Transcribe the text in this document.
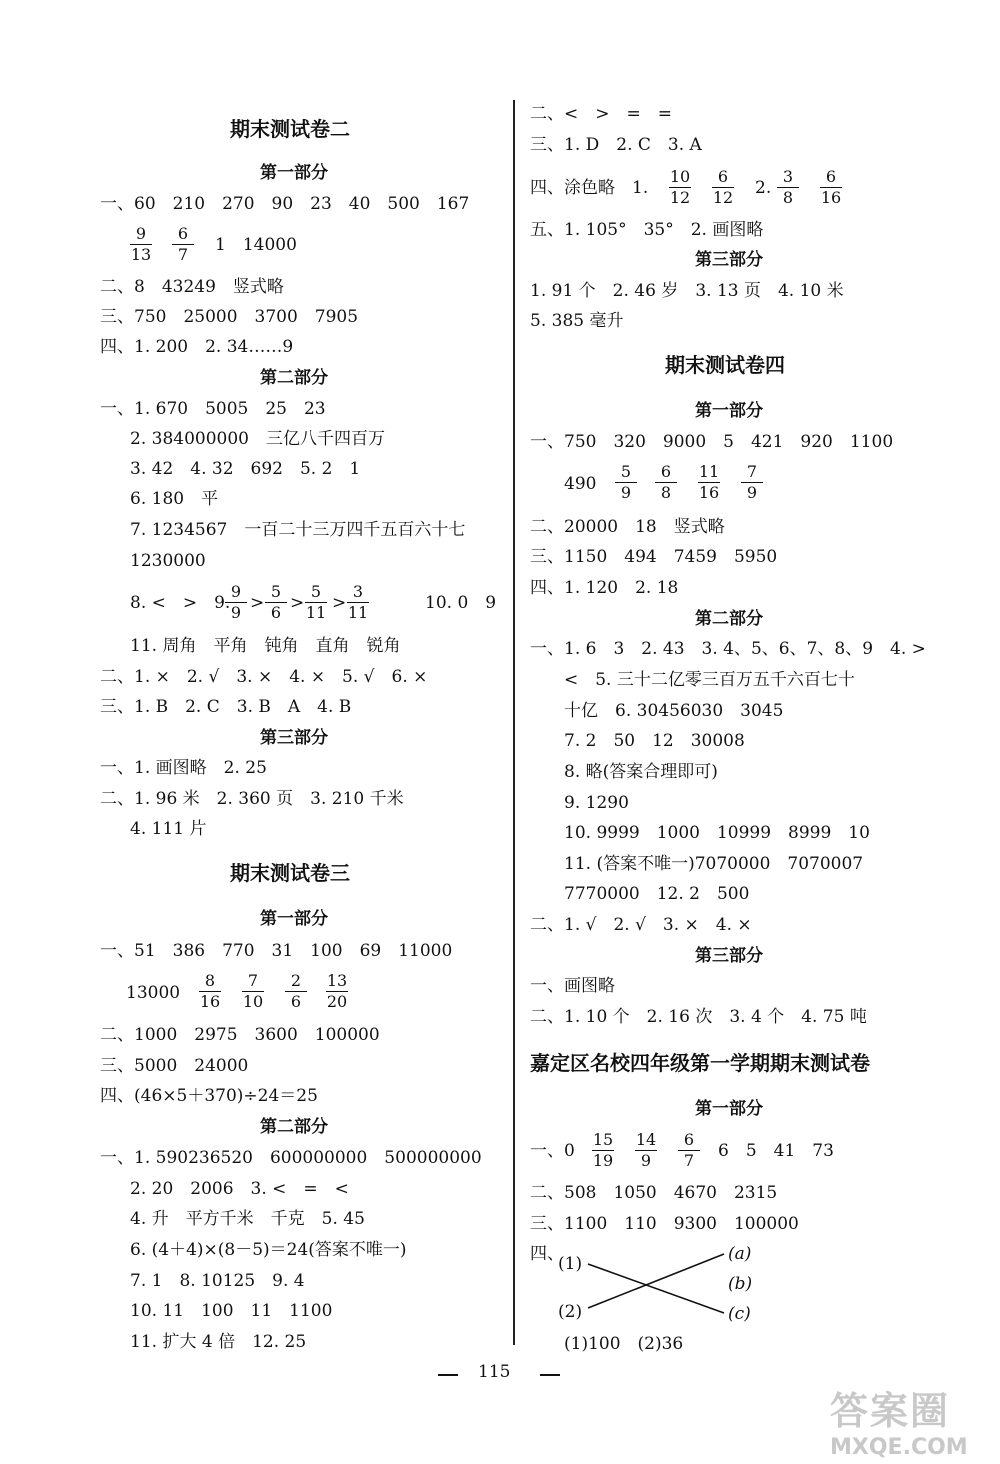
期末测试卷二
第一部分
一、60　210　270　90　23　40　500　167
9
13
6
7	1　14000
二、8　43249　竖式略
三、750　25000　3700　7905
四、1. 200　2. 34……9
第二部分
一、1. 670　5005　25　23
2. 384000000　三亿八千四百万
3. 42　4. 32　692　5. 2　1
6. 180　平
7. 1234567　一百二十三万四千五百六十七
1230000
8. <　>　9.
9
9 >
5
6 >
5
11 >
3
11	10. 0　9
11. 周角　平角　钝角　直角　锐角
二、1. ×　2. √　3. ×　4. ×　5. √　6. ×
三、1. B　2. C　3. B　A　4. B
第三部分
一、1. 画图略　2. 25
二、1. 96 米　2. 360 页　3. 210 千米
4. 111 片
期末测试卷三
第一部分
一、51　386　770　31　100　69　11000
13000
8
16
7
10
2
6
13
20
二、1000　2975　3600　100000
三、5000　24000
四、(46×5＋370)÷24＝25
第二部分
一、1. 590236520　600000000　500000000
2. 20　2006　3. <　=　<
4. 升　平方千米　千克　5. 45
6. (4＋4)×(8－5)＝24(答案不唯一)
7. 1　8. 10125　9. 4
10. 11　100　11　1100
11. 扩大 4 倍　12. 25
二、<　>　=　=
三、1. D　2. C　3. A
四、涂色略　1.
10
12
6
12 2.
3
8
6
16
五、1. 105°　35°　2. 画图略
第三部分
1. 91 个　2. 46 岁　3. 13 页　4. 10 米
5. 385 毫升
期末测试卷四
第一部分
一、750　320　9000　5　421　920　1100
490
5
9
6
8
11
16
7
9
二、20000　18　竖式略
三、1150　494　7459　5950
四、1. 120　2. 18
第二部分
一、1. 6　3　2. 43　3. 4、5、6、7、8、9　4. >
<　5. 三十二亿零三百万五千六百七十
十亿　6. 30456030　3045
7. 2　50　12　30008
8. 略(答案合理即可)
9. 1290
10. 9999　1000　10999　8999　10
11. (答案不唯一)7070000　7070007
7770000　12. 2　500
二、1. √　2. √　3. ×　4. ×
第三部分
一、画图略
二、1. 10 个　2. 16 次　3. 4 个　4. 75 吨
嘉定区名校四年级第一学期期末测试卷
第一部分
一、0
15
19
14
9
6
7	6　5　41　73
二、508　1050　4670　2315
三、1100　110　9300　100000
四、
(1)
(2)
(a)
(b)
(c)
(1)100　(2)36
115
答案圈
MXQE.COM
